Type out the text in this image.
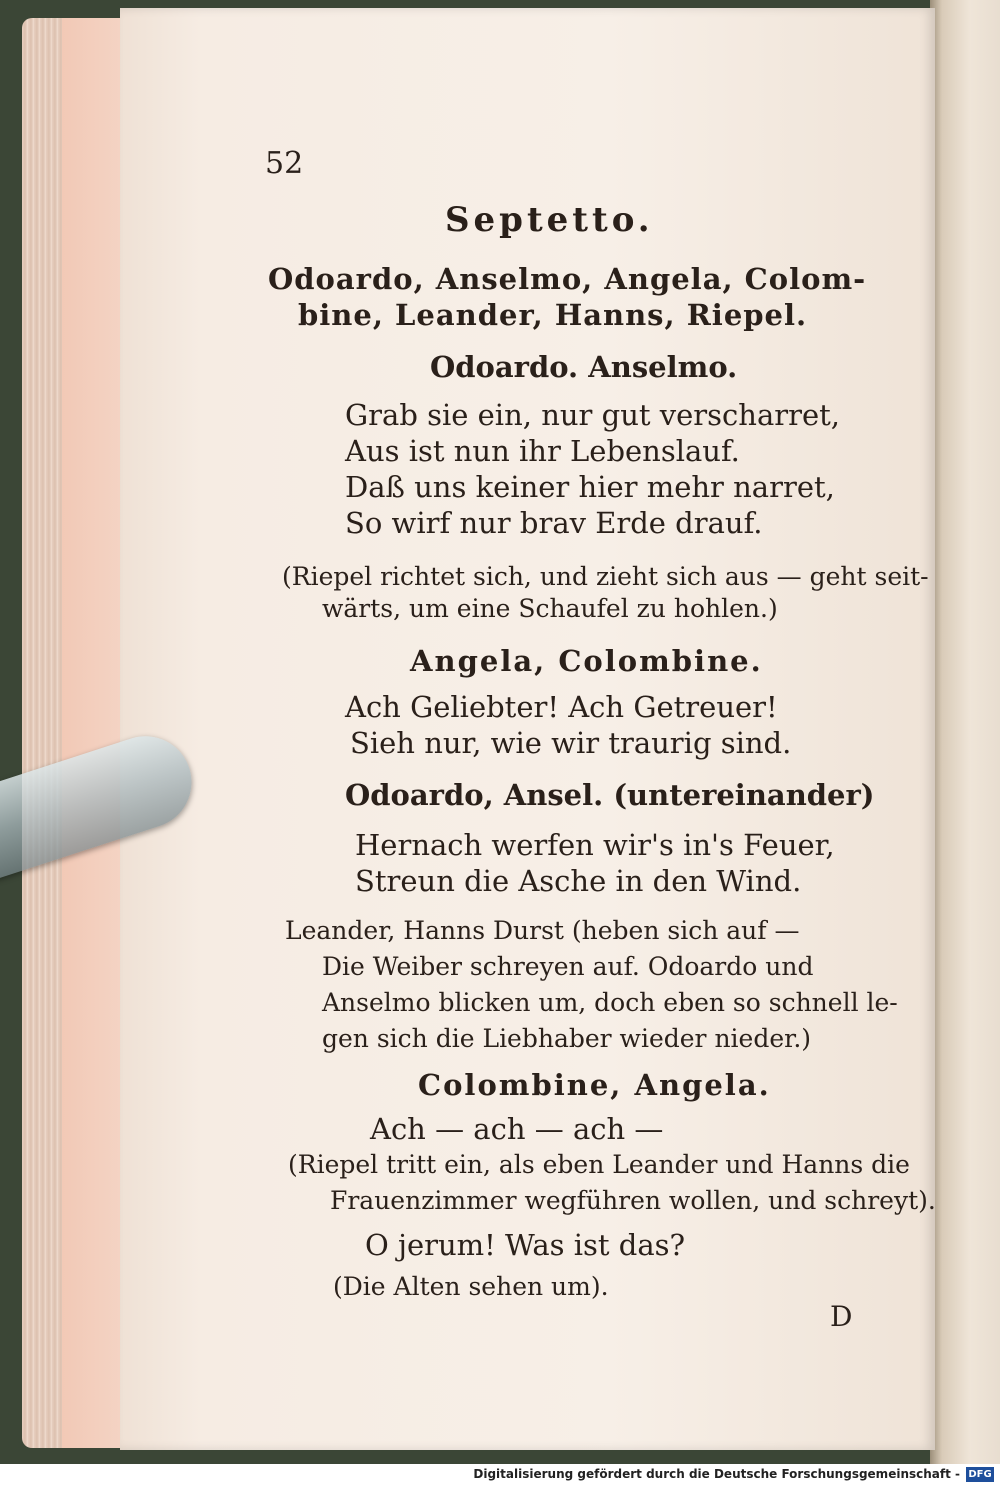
52
Septetto.
Odoardo, Anselmo, Angela, Colom-
bine, Leander, Hanns, Riepel.
Odoardo. Anselmo.
Grab sie ein, nur gut verscharret,
Aus ist nun ihr Lebenslauf.
Daß uns keiner hier mehr narret,
So wirf nur brav Erde drauf.
(Riepel richtet sich, und zieht sich aus — geht seit-
wärts, um eine Schaufel zu hohlen.)
Angela, Colombine.
Ach Geliebter! Ach Getreuer!
Sieh nur, wie wir traurig sind.
Odoardo, Ansel. (untereinander)
Hernach werfen wir's in's Feuer,
Streun die Asche in den Wind.
Leander, Hanns Durst (heben sich auf —
Die Weiber schreyen auf. Odoardo und
Anselmo blicken um, doch eben so schnell le-
gen sich die Liebhaber wieder nieder.)
Colombine, Angela.
Ach — ach — ach —
(Riepel tritt ein, als eben Leander und Hanns die
Frauenzimmer wegführen wollen, und schreyt).
O jerum! Was ist das?
(Die Alten sehen um).
D
Digitalisierung gefördert durch die Deutsche Forschungsgemeinschaft - DFG
